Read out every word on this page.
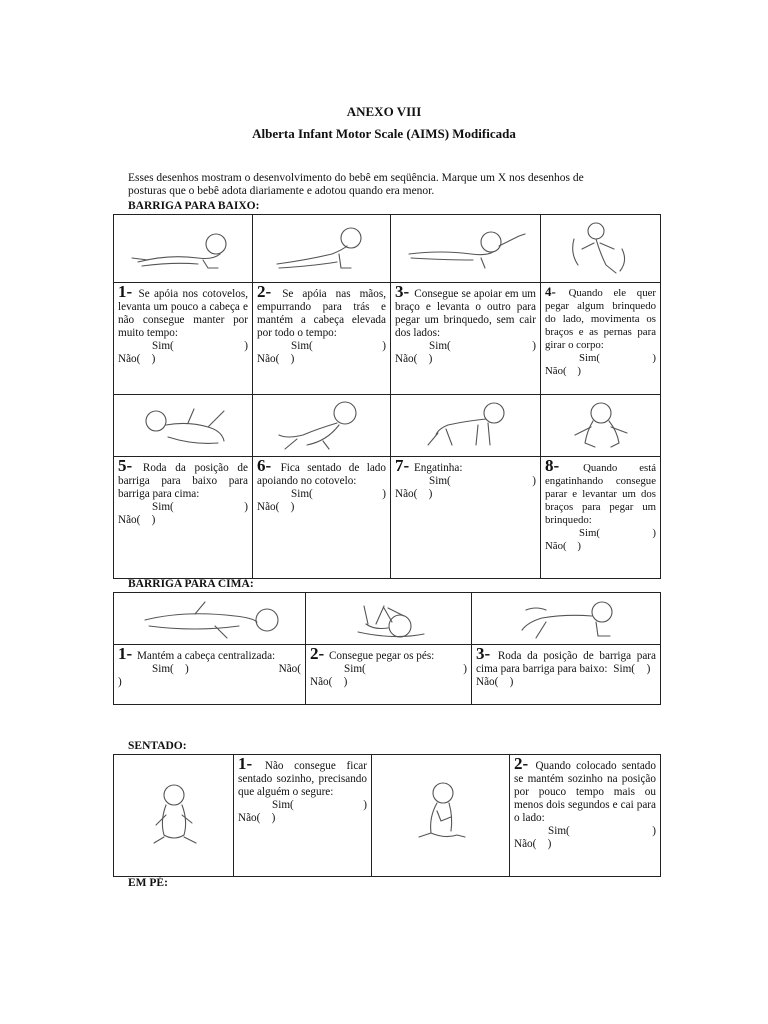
ANEXO VIII
Alberta Infant Motor Scale (AIMS) Modificada
Esses desenhos mostram o desenvolvimento do bebê em seqüência. Marque um X nos desenhos de posturas que o bebê adota diariamente e adotou quando era menor.
BARRIGA PARA BAIXO:

1- Se apóia nos cotovelos, levanta um pouco a cabeça e não consegue manter por muito tempo:
Sim( )
Não( )	2- Se apóia nas mãos, empurrando para trás e mantém a cabeça elevada por todo o tempo:
Sim( )
Não( )	3- Consegue se apoiar em um braço e levanta o outro para pegar um brinquedo, sem cair dos lados:
Sim( )
Não( )	4- Quando ele quer pegar algum brinquedo do lado, movimenta os braços e as pernas para girar o corpo:
Sim( )
Não( )

5- Roda da posição de barriga para baixo para barriga para cima:
Sim( )
Não( )	6- Fica sentado de lado apoiando no cotovelo:
Sim( )
Não( )	7- Engatinha:
Sim( )
Não( )	8- Quando está engatinhando consegue parar e levantar um dos braços para pegar um brinquedo:
Sim( )
Não( )
BARRIGA PARA CIMA:

1- Mantém a cabeça centralizada:
Sim( ) Não(
)	2- Consegue pegar os pés:
Sim( )
Não( )	3- Roda da posição de barriga para cima para barriga para baixo: Sim( )   Não( )
SENTADO:

1- Não consegue ficar sentado sozinho, precisando que alguém o segure:
Sim(	)
Não( )

2- Quando colocado sentado se mantém sozinho na posição por pouco tempo mais ou menos dois segundos e cai para o lado:
Sim(	)
Não( )
EM PÉ:
